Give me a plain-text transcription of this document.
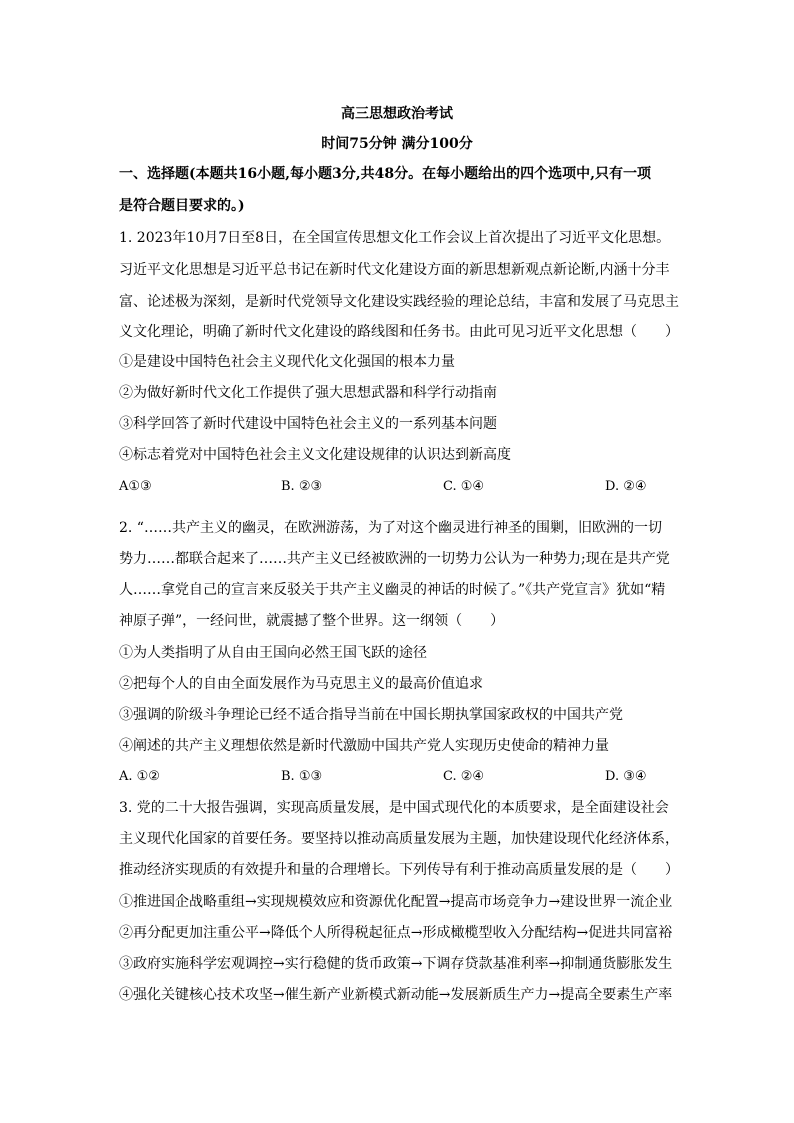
高三思想政治考试
时间75分钟 满分100分
一、选择题(本题共16小题,每小题3分,共48分。在每小题给出的四个选项中,只有一项
是符合题目要求的。)
1. 2023年10月7日至8日，在全国宣传思想文化工作会议上首次提出了习近平文化思想。
习近平文化思想是习近平总书记在新时代文化建设方面的新思想新观点新论断,内涵十分丰
富、论述极为深刻，是新时代党领导文化建设实践经验的理论总结，丰富和发展了马克思主
义文化理论，明确了新时代文化建设的路线图和任务书。由此可见习近平文化思想（　　）
①是建设中国特色社会主义现代化文化强国的根本力量
②为做好新时代文化工作提供了强大思想武器和科学行动指南
③科学回答了新时代建设中国特色社会主义的一系列基本问题
④标志着党对中国特色社会主义文化建设规律的认识达到新高度
A①③	B. ②③	C. ①④	D. ②④
2. “……共产主义的幽灵，在欧洲游荡，为了对这个幽灵进行神圣的围剿，旧欧洲的一切
势力……都联合起来了……共产主义已经被欧洲的一切势力公认为一种势力;现在是共产党
人……拿党自己的宣言来反驳关于共产主义幽灵的神话的时候了。”《共产党宣言》犹如“精
神原子弹”，一经问世，就震撼了整个世界。这一纲领（　　）
①为人类指明了从自由王国向必然王国飞跃的途径
②把每个人的自由全面发展作为马克思主义的最高价值追求
③强调的阶级斗争理论已经不适合指导当前在中国长期执掌国家政权的中国共产党
④阐述的共产主义理想依然是新时代激励中国共产党人实现历史使命的精神力量
A. ①②	B. ①③	C. ②④	D. ③④
3. 党的二十大报告强调，实现高质量发展，是中国式现代化的本质要求，是全面建设社会
主义现代化国家的首要任务。要坚持以推动高质量发展为主题，加快建设现代化经济体系，
推动经济实现质的有效提升和量的合理增长。下列传导有利于推动高质量发展的是（　　）
①推进国企战略重组→实现规模效应和资源优化配置→提高市场竞争力→建设世界一流企业
②再分配更加注重公平→降低个人所得税起征点→形成橄榄型收入分配结构→促进共同富裕
③政府实施科学宏观调控→实行稳健的货币政策→下调存贷款基准利率→抑制通货膨胀发生
④强化关键核心技术攻坚→催生新产业新模式新动能→发展新质生产力→提高全要素生产率
